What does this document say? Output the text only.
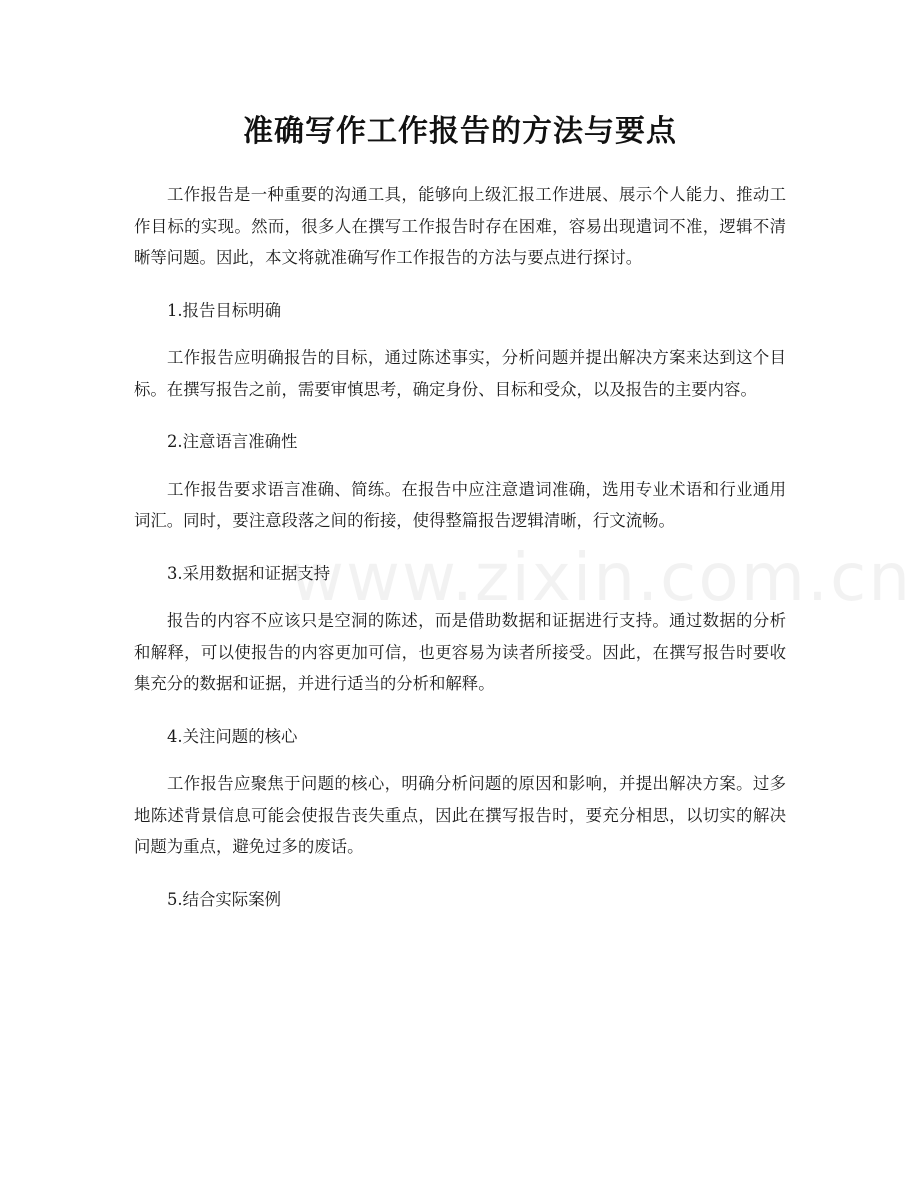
准确写作工作报告的方法与要点

工作报告是一种重要的沟通工具，能够向上级汇报工作进展、展示个人能力、推动工作目标的实现。然而，很多人在撰写工作报告时存在困难，容易出现遣词不准，逻辑不清晰等问题。因此，本文将就准确写作工作报告的方法与要点进行探讨。

1.报告目标明确

工作报告应明确报告的目标，通过陈述事实，分析问题并提出解决方案来达到这个目标。在撰写报告之前，需要审慎思考，确定身份、目标和受众，以及报告的主要内容。

2.注意语言准确性

工作报告要求语言准确、简练。在报告中应注意遣词准确，选用专业术语和行业通用词汇。同时，要注意段落之间的衔接，使得整篇报告逻辑清晰，行文流畅。

3.采用数据和证据支持

报告的内容不应该只是空洞的陈述，而是借助数据和证据进行支持。通过数据的分析和解释，可以使报告的内容更加可信，也更容易为读者所接受。因此，在撰写报告时要收集充分的数据和证据，并进行适当的分析和解释。

4.关注问题的核心

工作报告应聚焦于问题的核心，明确分析问题的原因和影响，并提出解决方案。过多地陈述背景信息可能会使报告丧失重点，因此在撰写报告时，要充分相思，以切实的解决问题为重点，避免过多的废话。

5.结合实际案例

www.zixin.com.cn
